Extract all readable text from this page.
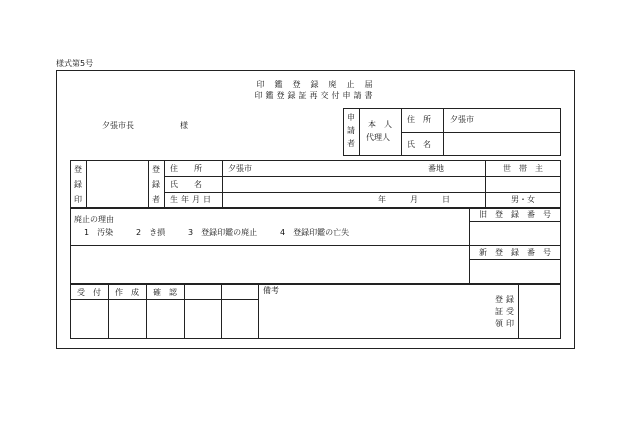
様式第5号
印　鑑　登　録　廃　止　届
印鑑登録証再交付申請書
夕張市長	様
申
請
者
本　人
代理人
住　所 夕張市
氏　名
登
録
印
登
録
者
住　　所	夕張市	番地	世　帯　主
氏　　名
生年月日	年	月	日	男・女
廃止の理由
1　汚染	2　き損	3　登録印鑑の廃止	4　登録印鑑の亡失
旧　登　録　番　号
新　登　録　番　号
受　付	作　成	確　認	備考
登
証
領
録
受
印
